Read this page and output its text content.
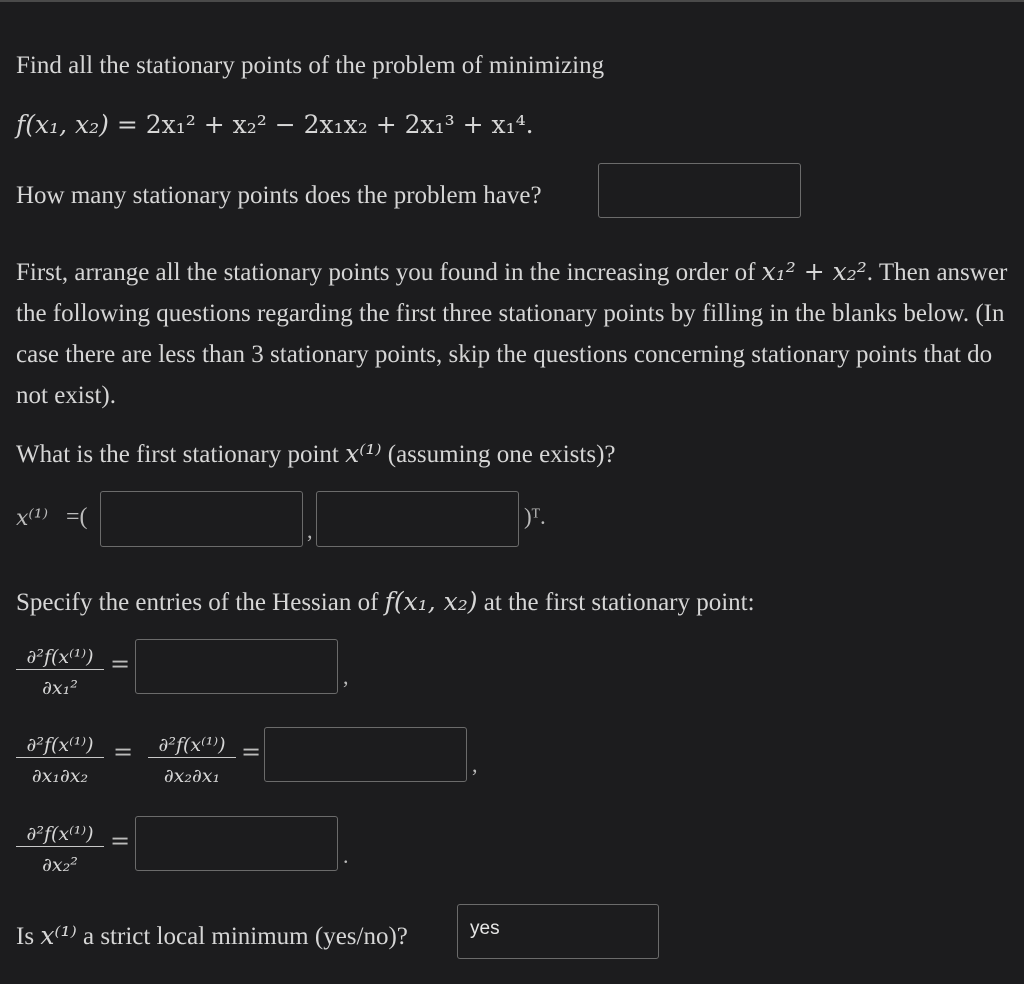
Find all the stationary points of the problem of minimizing
f(x₁, x₂) = 2x₁² + x₂² − 2x₁x₂ + 2x₁³ + x₁⁴.
How many stationary points does the problem have?
First, arrange all the stationary points you found in the increasing order of x₁² + x₂². Then answer the following questions regarding the first three stationary points by filling in the blanks below. (In case there are less than 3 stationary points, skip the questions concerning stationary points that do not exist).
What is the first stationary point x⁽¹⁾ (assuming one exists)?
x⁽¹⁾ =(
,
)ᵀ.
Specify the entries of the Hessian of f(x₁, x₂) at the first stationary point:
$\frac{\text{∂²f(x⁽¹⁾)}}{\text{∂x₁²}}$ =	,
$\frac{\text{∂²f(x⁽¹⁾)}}{\text{∂x₁∂x₂}} = \frac{\text{∂²f(x⁽¹⁾)}}{\text{∂x₂∂x₁}}$ =	,
$\frac{\text{∂²f(x⁽¹⁾)}}{\text{∂x₂²}}$ =
.
Is x⁽¹⁾ a strict local minimum (yes/no)?
yes
